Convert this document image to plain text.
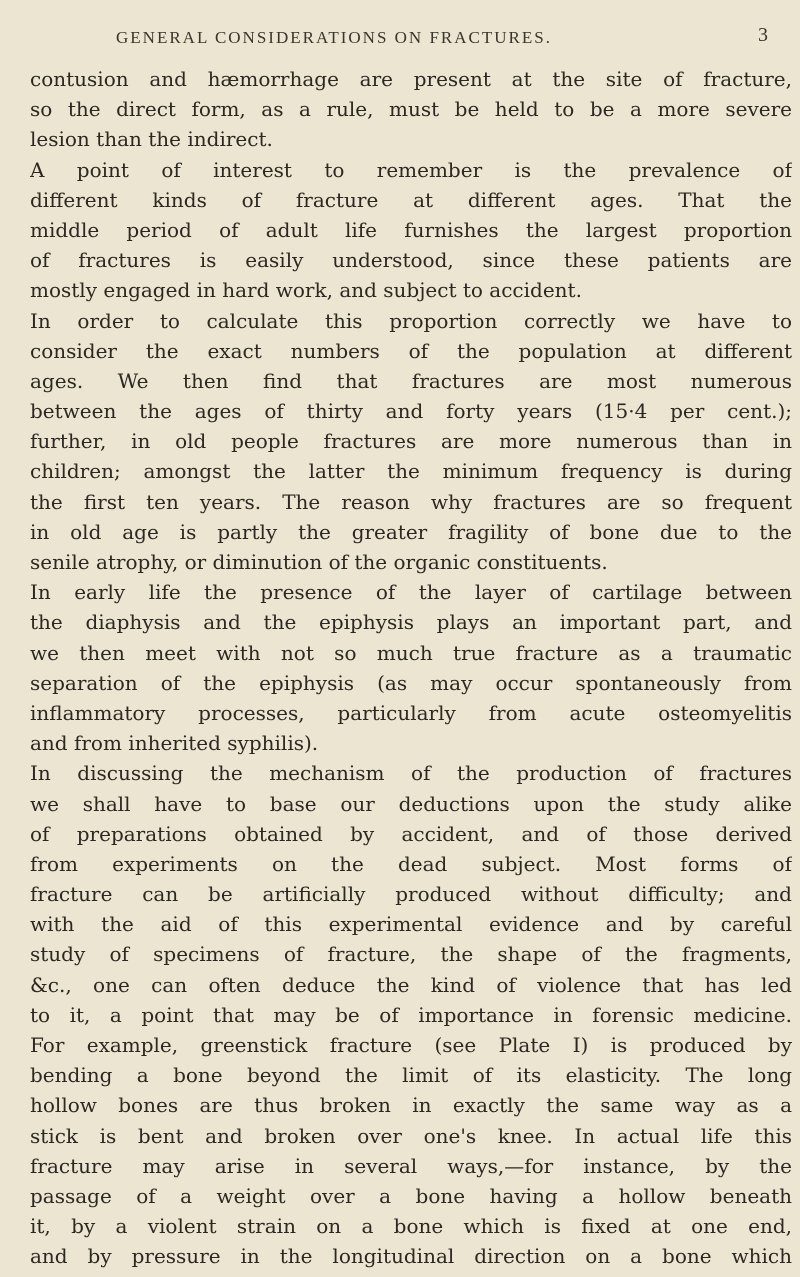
GENERAL CONSIDERATIONS ON FRACTURES.	3
contusion and hæmorrhage are present at the site of fracture,
so the direct form, as a rule, must be held to be a more severe
lesion than the indirect.
A point of interest to remember is the prevalence of
different kinds of fracture at different ages. That the
middle period of adult life furnishes the largest proportion
of fractures is easily understood, since these patients are
mostly engaged in hard work, and subject to accident.
In order to calculate this proportion correctly we have to
consider the exact numbers of the population at different
ages. We then find that fractures are most numerous
between the ages of thirty and forty years (15·4 per cent.);
further, in old people fractures are more numerous than in
children; amongst the latter the minimum frequency is during
the first ten years. The reason why fractures are so frequent
in old age is partly the greater fragility of bone due to the
senile atrophy, or diminution of the organic constituents.
In early life the presence of the layer of cartilage between
the diaphysis and the epiphysis plays an important part, and
we then meet with not so much true fracture as a traumatic
separation of the epiphysis (as may occur spontaneously from
inflammatory processes, particularly from acute osteomyelitis
and from inherited syphilis).
In discussing the mechanism of the production of fractures
we shall have to base our deductions upon the study alike
of preparations obtained by accident, and of those derived
from experiments on the dead subject. Most forms of
fracture can be artificially produced without difficulty; and
with the aid of this experimental evidence and by careful
study of specimens of fracture, the shape of the fragments,
&c., one can often deduce the kind of violence that has led
to it, a point that may be of importance in forensic medicine.
For example, greenstick fracture (see Plate I) is produced by
bending a bone beyond the limit of its elasticity. The long
hollow bones are thus broken in exactly the same way as a
stick is bent and broken over one's knee. In actual life this
fracture may arise in several ways,—for instance, by the
passage of a weight over a bone having a hollow beneath
it, by a violent strain on a bone which is fixed at one end,
and by pressure in the longitudinal direction on a bone which
